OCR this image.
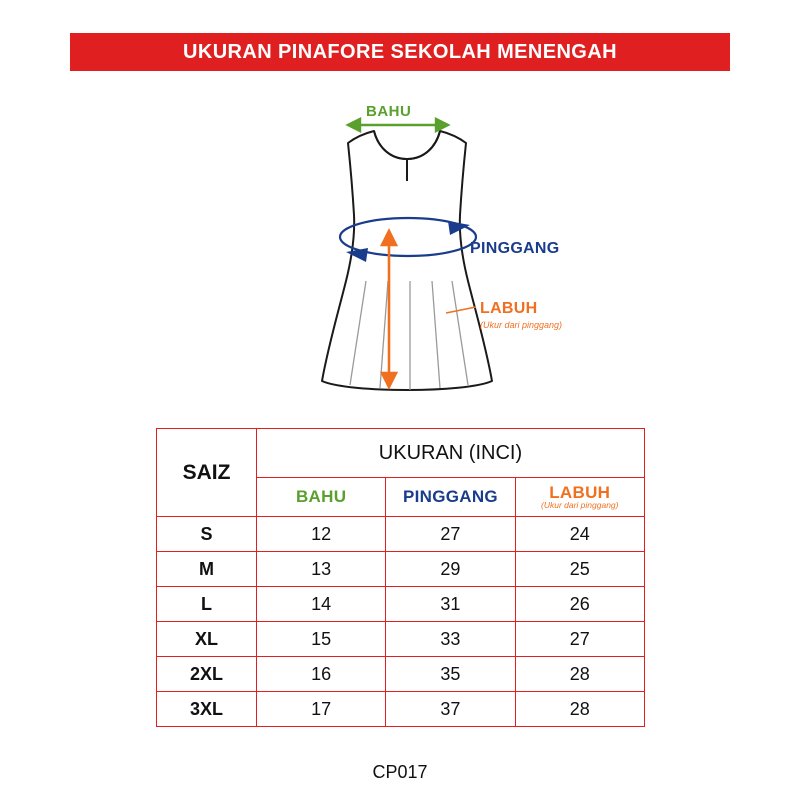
UKURAN PINAFORE SEKOLAH MENENGAH
BAHU
PINGGANG
LABUH
(Ukur dari pinggang)
SAIZ	UKURAN (INCI)		
	BAHU	PINGGANG	LABUH
(Ukur dari pinggang)

S	12	27	24
M	13	29	25
L	14	31	26
XL	15	33	27
2XL	16	35	28
3XL	17	37	28
CP017
